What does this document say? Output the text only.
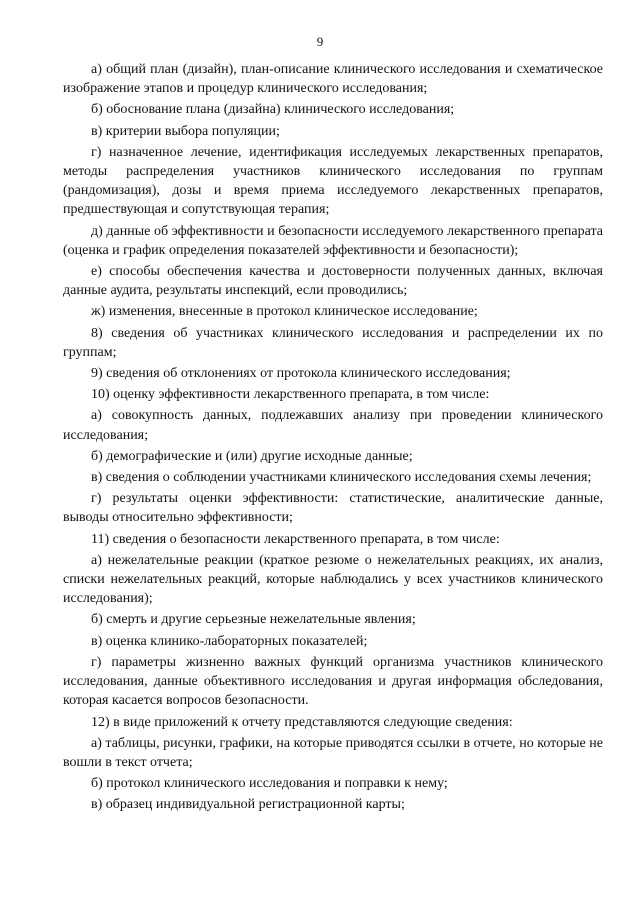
9

а) общий план (дизайн), план-описание клинического исследования и схематическое изображение этапов и процедур клинического исследования;

б) обоснование плана (дизайна) клинического исследования;

в) критерии выбора популяции;

г) назначенное лечение, идентификация исследуемых лекарственных препаратов, методы распределения участников клинического исследования по группам (рандомизация), дозы и время приема исследуемого лекарственных препаратов, предшествующая и сопутствующая терапия;

д) данные об эффективности и безопасности исследуемого лекарственного препарата (оценка и график определения показателей эффективности и безопасности);

е) способы обеспечения качества и достоверности полученных данных, включая данные аудита, результаты инспекций, если проводились;

ж) изменения, внесенные в протокол клиническое исследование;

8) сведения об участниках клинического исследования и распределении их по группам;

9) сведения об отклонениях от протокола клинического исследования;

10) оценку эффективности лекарственного препарата, в том числе:

а) совокупность данных, подлежавших анализу при проведении клинического исследования;

б) демографические и (или) другие исходные данные;

в) сведения о соблюдении участниками клинического исследования схемы лечения;

г) результаты оценки эффективности: статистические, аналитические данные, выводы относительно эффективности;

11) сведения о безопасности лекарственного препарата, в том числе:

а) нежелательные реакции (краткое резюме о нежелательных реакциях, их анализ, списки нежелательных реакций, которые наблюдались у всех участников клинического исследования);

б) смерть и другие серьезные нежелательные явления;

в) оценка клинико-лабораторных показателей;

г) параметры жизненно важных функций организма участников клинического исследования, данные объективного исследования и другая информация обследования, которая касается вопросов безопасности.

12) в виде приложений к отчету представляются следующие сведения:

а) таблицы, рисунки, графики, на которые приводятся ссылки в отчете, но которые не вошли в текст отчета;

б) протокол клинического исследования и поправки к нему;

в) образец индивидуальной регистрационной карты;
